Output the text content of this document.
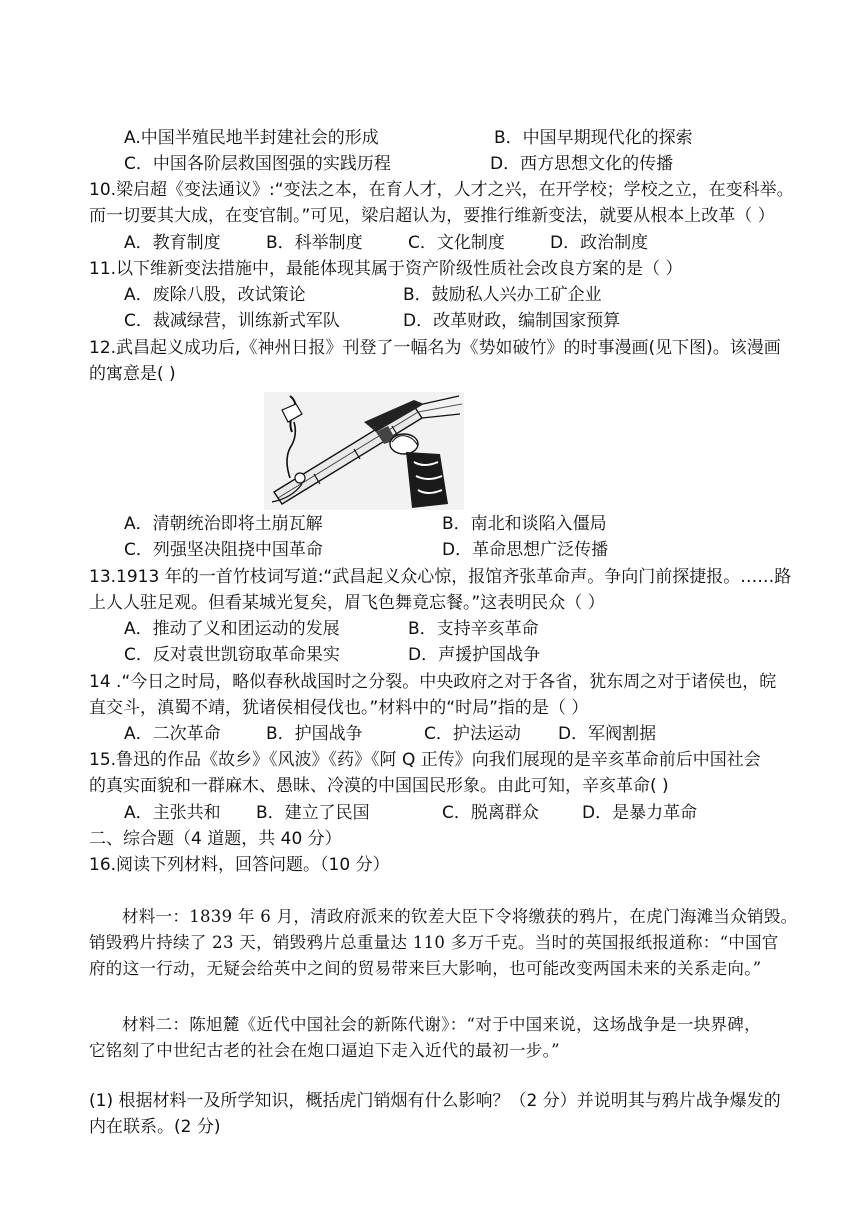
A.中国半殖民地半封建社会的形成	B．中国早期现代化的探索
C．中国各阶层救国图强的实践历程	D．西方思想文化的传播
10.梁启超《变法通议》:“变法之本，在育人才，人才之兴，在开学校；学校之立，在变科举。
而一切要其大成，在变官制。”可见，梁启超认为，要推行维新变法，就要从根本上改革（ ）
A．教育制度	B．科举制度	C．文化制度	D．政治制度
11.以下维新变法措施中，最能体现其属于资产阶级性质社会改良方案的是（ ）
A．废除八股，改试策论	B．鼓励私人兴办工矿企业
C．裁减绿营，训练新式军队	D．改革财政，编制国家预算
12.武昌起义成功后,《神州日报》刊登了一幅名为《势如破竹》的时事漫画(见下图)。该漫画
的寓意是( )
A．清朝统治即将土崩瓦解	B．南北和谈陷入僵局
C．列强坚决阻挠中国革命	D．革命思想广泛传播
13.1913 年的一首竹枝词写道:“武昌起义众心惊，报馆齐张革命声。争向门前探捷报。……路
上人人驻足观。但看某城光复矣，眉飞色舞竟忘餐。”这表明民众（ ）
A．推动了义和团运动的发展	B．支持辛亥革命
C．反对袁世凯窃取革命果实	D．声援护国战争
14 .“今日之时局，略似春秋战国时之分裂。中央政府之对于各省，犹东周之对于诸侯也，皖
直交斗，滇蜀不靖，犹诸侯相侵伐也。”材料中的“时局”指的是（ ）
A．二次革命	B．护国战争	C．护法运动 D．军阀割据
15.鲁迅的作品《故乡》《风波》《药》《阿 Q 正传》向我们展现的是辛亥革命前后中国社会
的真实面貌和一群麻木、愚昧、冷漠的中国国民形象。由此可知，辛亥革命( )
A．主张共和 B．建立了民国	C．脱离群众	D．是暴力革命
二、综合题（4 道题，共 40 分）
16.阅读下列材料，回答问题。（10 分）
材料一：1839 年 6 月，清政府派来的钦差大臣下令将缴获的鸦片，在虎门海滩当众销毁。
销毁鸦片持续了 23 天，销毁鸦片总重量达 110 多万千克。当时的英国报纸报道称：“中国官
府的这一行动，无疑会给英中之间的贸易带来巨大影响，也可能改变两国未来的关系走向。”
材料二：陈旭麓《近代中国社会的新陈代谢》：“对于中国来说，这场战争是一块界碑，
它铭刻了中世纪古老的社会在炮口逼迫下走入近代的最初一步。”
(1) 根据材料一及所学知识，概括虎门销烟有什么影响？（2 分）并说明其与鸦片战争爆发的
内在联系。(2 分)
